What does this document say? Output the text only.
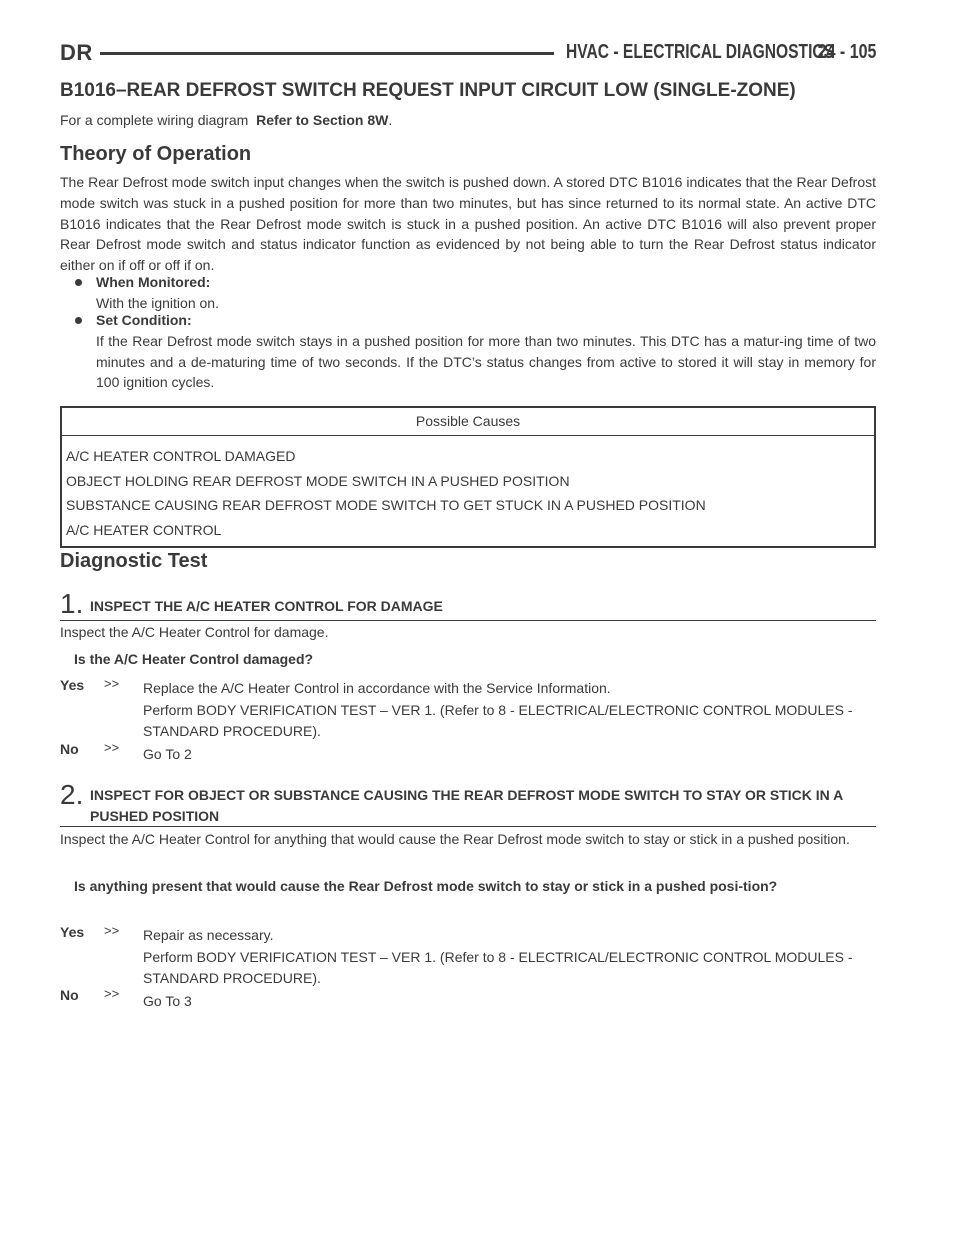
DR	HVAC - ELECTRICAL DIAGNOSTICS
24 - 105
B1016–REAR DEFROST SWITCH REQUEST INPUT CIRCUIT LOW (SINGLE-ZONE)
For a complete wiring diagram Refer to Section 8W.
Theory of Operation
The Rear Defrost mode switch input changes when the switch is pushed down. A stored DTC B1016 indicates that the Rear Defrost mode switch was stuck in a pushed position for more than two minutes, but has since returned to its normal state. An active DTC B1016 indicates that the Rear Defrost mode switch is stuck in a pushed position. An active DTC B1016 will also prevent proper Rear Defrost mode switch and status indicator function as evidenced by not being able to turn the Rear Defrost status indicator either on if off or off if on.
When Monitored:
With the ignition on.
Set Condition:
If the Rear Defrost mode switch stays in a pushed position for more than two minutes. This DTC has a matur-ing time of two minutes and a de-maturing time of two seconds. If the DTC’s status changes from active to stored it will stay in memory for 100 ignition cycles.
Possible Causes
A/C HEATER CONTROL DAMAGED
OBJECT HOLDING REAR DEFROST MODE SWITCH IN A PUSHED POSITION
SUBSTANCE CAUSING REAR DEFROST MODE SWITCH TO GET STUCK IN A PUSHED POSITION
A/C HEATER CONTROL
Diagnostic Test
1. INSPECT THE A/C HEATER CONTROL FOR DAMAGE
Inspect the A/C Heater Control for damage.
Is the A/C Heater Control damaged?
Yes >> Replace the A/C Heater Control in accordance with the Service Information.
Perform BODY VERIFICATION TEST – VER 1. (Refer to 8 - ELECTRICAL/ELECTRONIC CONTROL MODULES - STANDARD PROCEDURE).
No >> Go To 2
2. INSPECT FOR OBJECT OR SUBSTANCE CAUSING THE REAR DEFROST MODE SWITCH TO STAY OR STICK IN A PUSHED POSITION
Inspect the A/C Heater Control for anything that would cause the Rear Defrost mode switch to stay or stick in a pushed position.
Is anything present that would cause the Rear Defrost mode switch to stay or stick in a pushed posi-tion?
Yes >> Repair as necessary.
Perform BODY VERIFICATION TEST – VER 1. (Refer to 8 - ELECTRICAL/ELECTRONIC CONTROL MODULES - STANDARD PROCEDURE).
No >> Go To 3
